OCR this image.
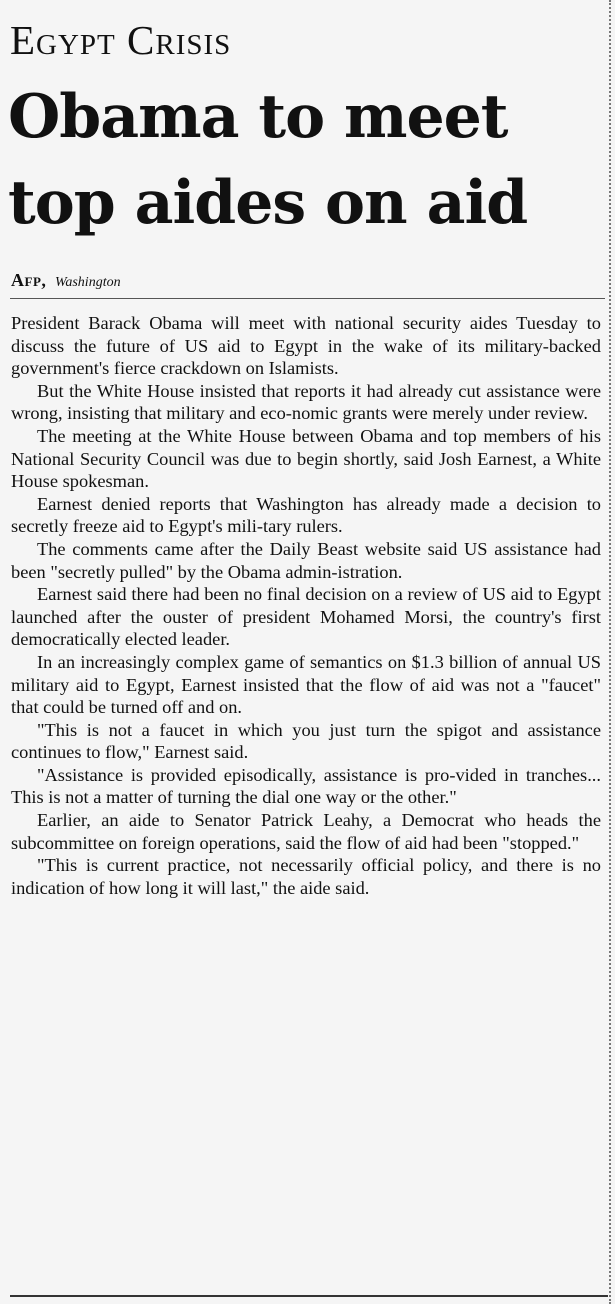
Egypt Crisis
Obama to meet top aides on aid
Afp, Washington

President Barack Obama will meet with national security aides Tuesday to discuss the future of US aid to Egypt in the wake of its military-backed government's fierce crackdown on Islamists.

But the White House insisted that reports it had already cut assistance were wrong, insisting that military and eco-nomic grants were merely under review.

The meeting at the White House between Obama and top members of his National Security Council was due to begin shortly, said Josh Earnest, a White House spokesman.

Earnest denied reports that Washington has already made a decision to secretly freeze aid to Egypt's mili-tary rulers.

The comments came after the Daily Beast website said US assistance had been "secretly pulled" by the Obama admin-istration.

Earnest said there had been no final decision on a review of US aid to Egypt launched after the ouster of president Mohamed Morsi, the country's first democratically elected leader.

In an increasingly complex game of semantics on $1.3 billion of annual US military aid to Egypt, Earnest insisted that the flow of aid was not a "faucet" that could be turned off and on.

"This is not a faucet in which you just turn the spigot and assistance continues to flow," Earnest said.

"Assistance is provided episodically, assistance is pro-vided in tranches... This is not a matter of turning the dial one way or the other."

Earlier, an aide to Senator Patrick Leahy, a Democrat who heads the subcommittee on foreign operations, said the flow of aid had been "stopped."

"This is current practice, not necessarily official policy, and there is no indication of how long it will last," the aide said.
